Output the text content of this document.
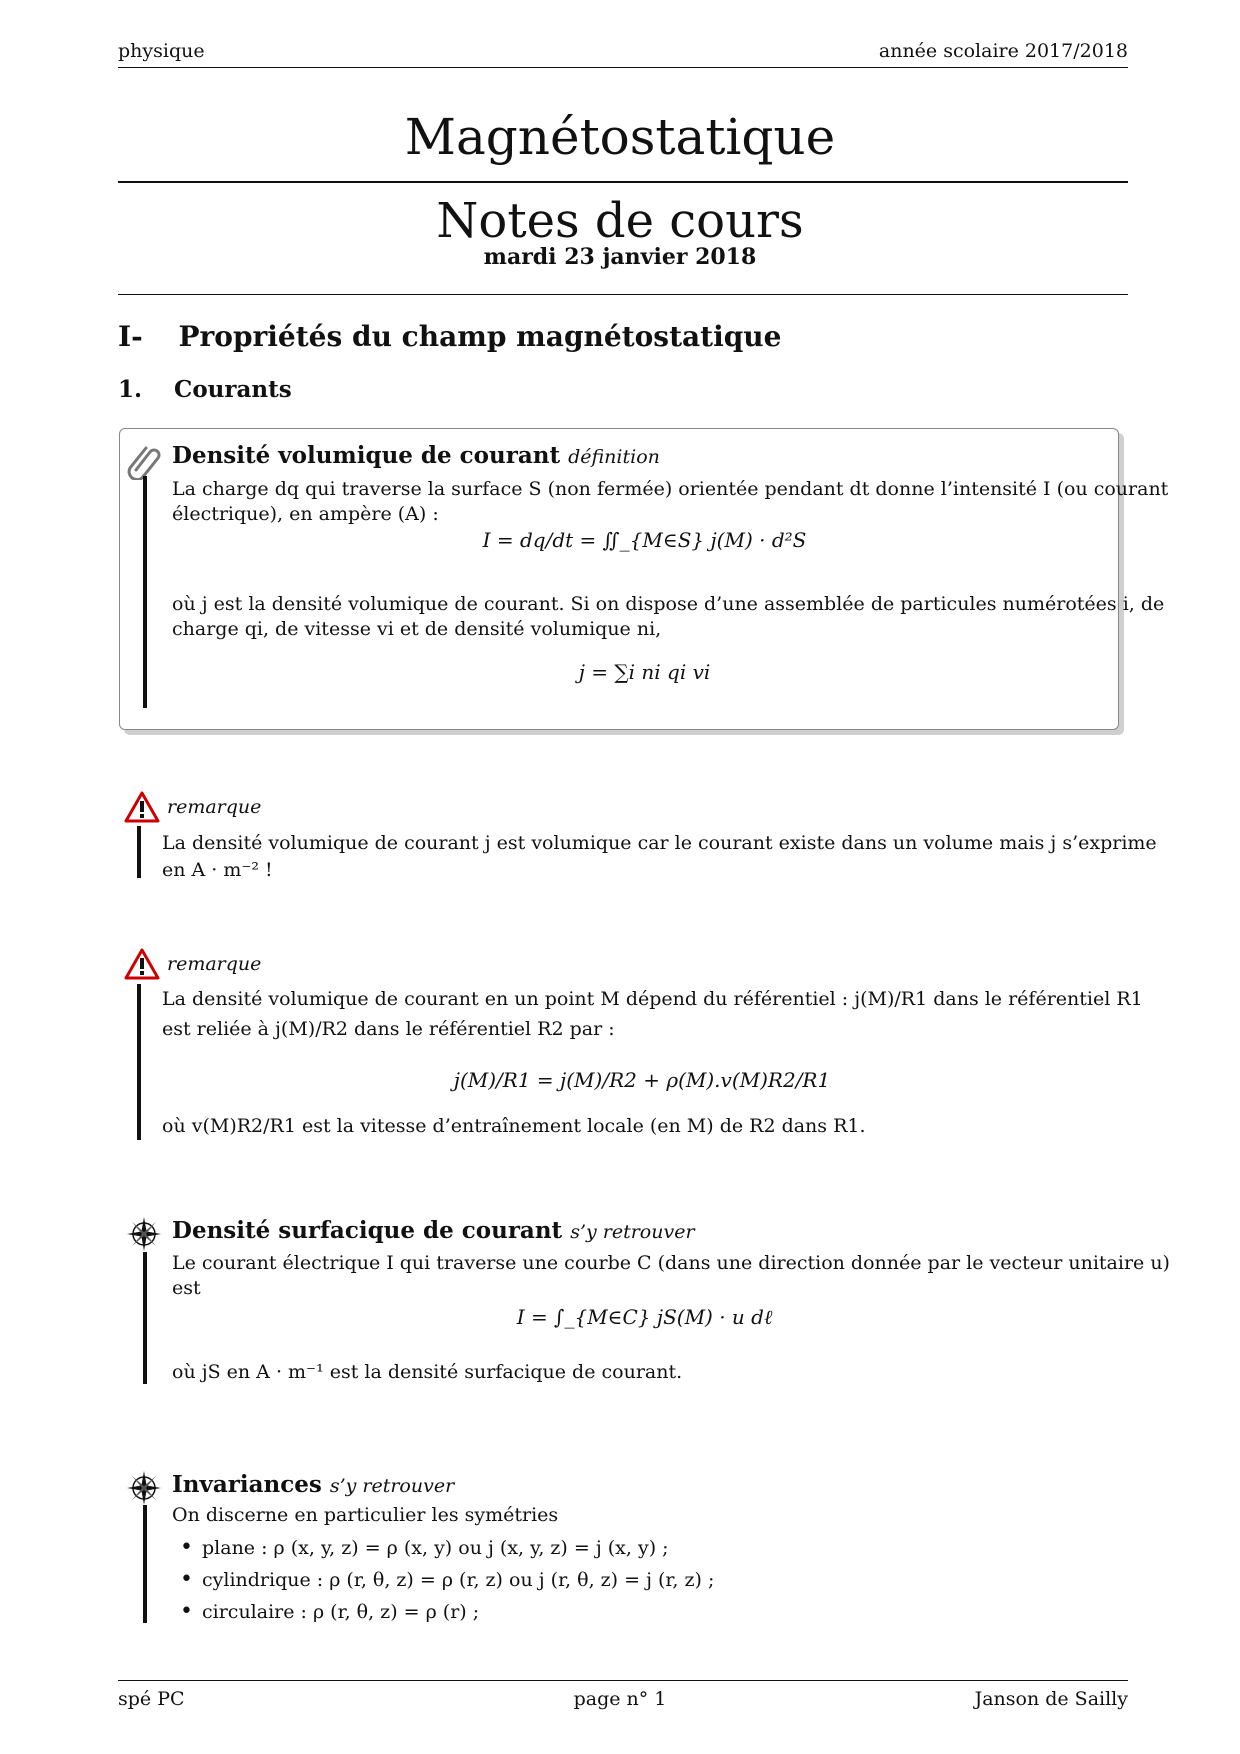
physique	année scolaire 2017/2018
Magnétostatique
Notes de cours
mardi 23 janvier 2018
I- Propriétés du champ magnétostatique
1. Courants
Densité volumique de courant définition
La charge dq qui traverse la surface S (non fermée) orientée pendant dt donne l’intensité I (ou courant
électrique), en ampère (A) :
I = dq/dt = ∬_{M∈S} j(M) · d²S
où j est la densité volumique de courant. Si on dispose d’une assemblée de particules numérotées i, de
charge qi, de vitesse vi et de densité volumique ni,
j = ∑i ni qi vi
remarque
La densité volumique de courant j est volumique car le courant existe dans un volume mais j s’exprime
en A · m⁻² !
remarque
La densité volumique de courant en un point M dépend du référentiel : j(M)/R1 dans le référentiel R1
est reliée à j(M)/R2 dans le référentiel R2 par :
j(M)/R1 = j(M)/R2 + ρ(M).v(M)R2/R1
où v(M)R2/R1 est la vitesse d’entraînement locale (en M) de R2 dans R1.
Densité surfacique de courant s’y retrouver
Le courant électrique I qui traverse une courbe C (dans une direction donnée par le vecteur unitaire u)
est
I = ∫_{M∈C} jS(M) · u dℓ
où jS en A · m⁻¹ est la densité surfacique de courant.
Invariances s’y retrouver
On discerne en particulier les symétries
• plane : ρ (x, y, z) = ρ (x, y) ou j (x, y, z) = j (x, y) ;
• cylindrique : ρ (r, θ, z) = ρ (r, z) ou j (r, θ, z) = j (r, z) ;
• circulaire : ρ (r, θ, z) = ρ (r) ;
spé PC	page n° 1	Janson de Sailly
